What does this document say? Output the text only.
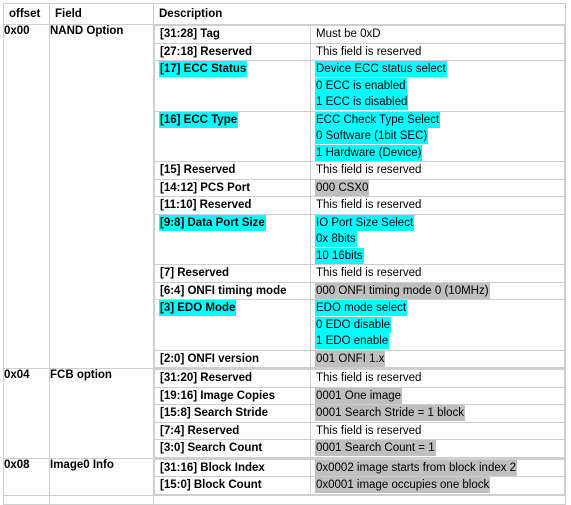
offset	Field	Description
0x00	NAND Option		[31:28] Tag	Must be 0xD

[27:18] Reserved	This field is reserved

[17] ECC Status	Device ECC status select
0 ECC is enabled
1 ECC is disabled

[16] ECC Type	ECC Check Type Select
0 Software (1bit SEC)
1 Hardware (Device)

[15] Reserved	This field is reserved

[14:12] PCS Port	000 CSX0

[11:10] Reserved	This field is reserved

[9:8] Data Port Size	IO Port Size Select
0x 8bits
10 16bits

[7] Reserved	This field is reserved

[6:4] ONFI timing mode	000 ONFI timing mode 0 (10MHz)

[3] EDO Mode	EDO mode select
0 EDO disable
1 EDO enable

[2:0] ONFI version	001 ONFI 1.x

0x04	FCB option		[31:20] Reserved	This field is reserved

[19:16] Image Copies	0001 One image

[15:8] Search Stride	0001 Search Stride = 1 block

[7:4] Reserved	This field is reserved

[3:0] Search Count	0001 Search Count = 1

0x08	Image0 Info		[31:16] Block Index	0x0002 image starts from block index 2

[15:0] Block Count	0x0001 image occupies one block
